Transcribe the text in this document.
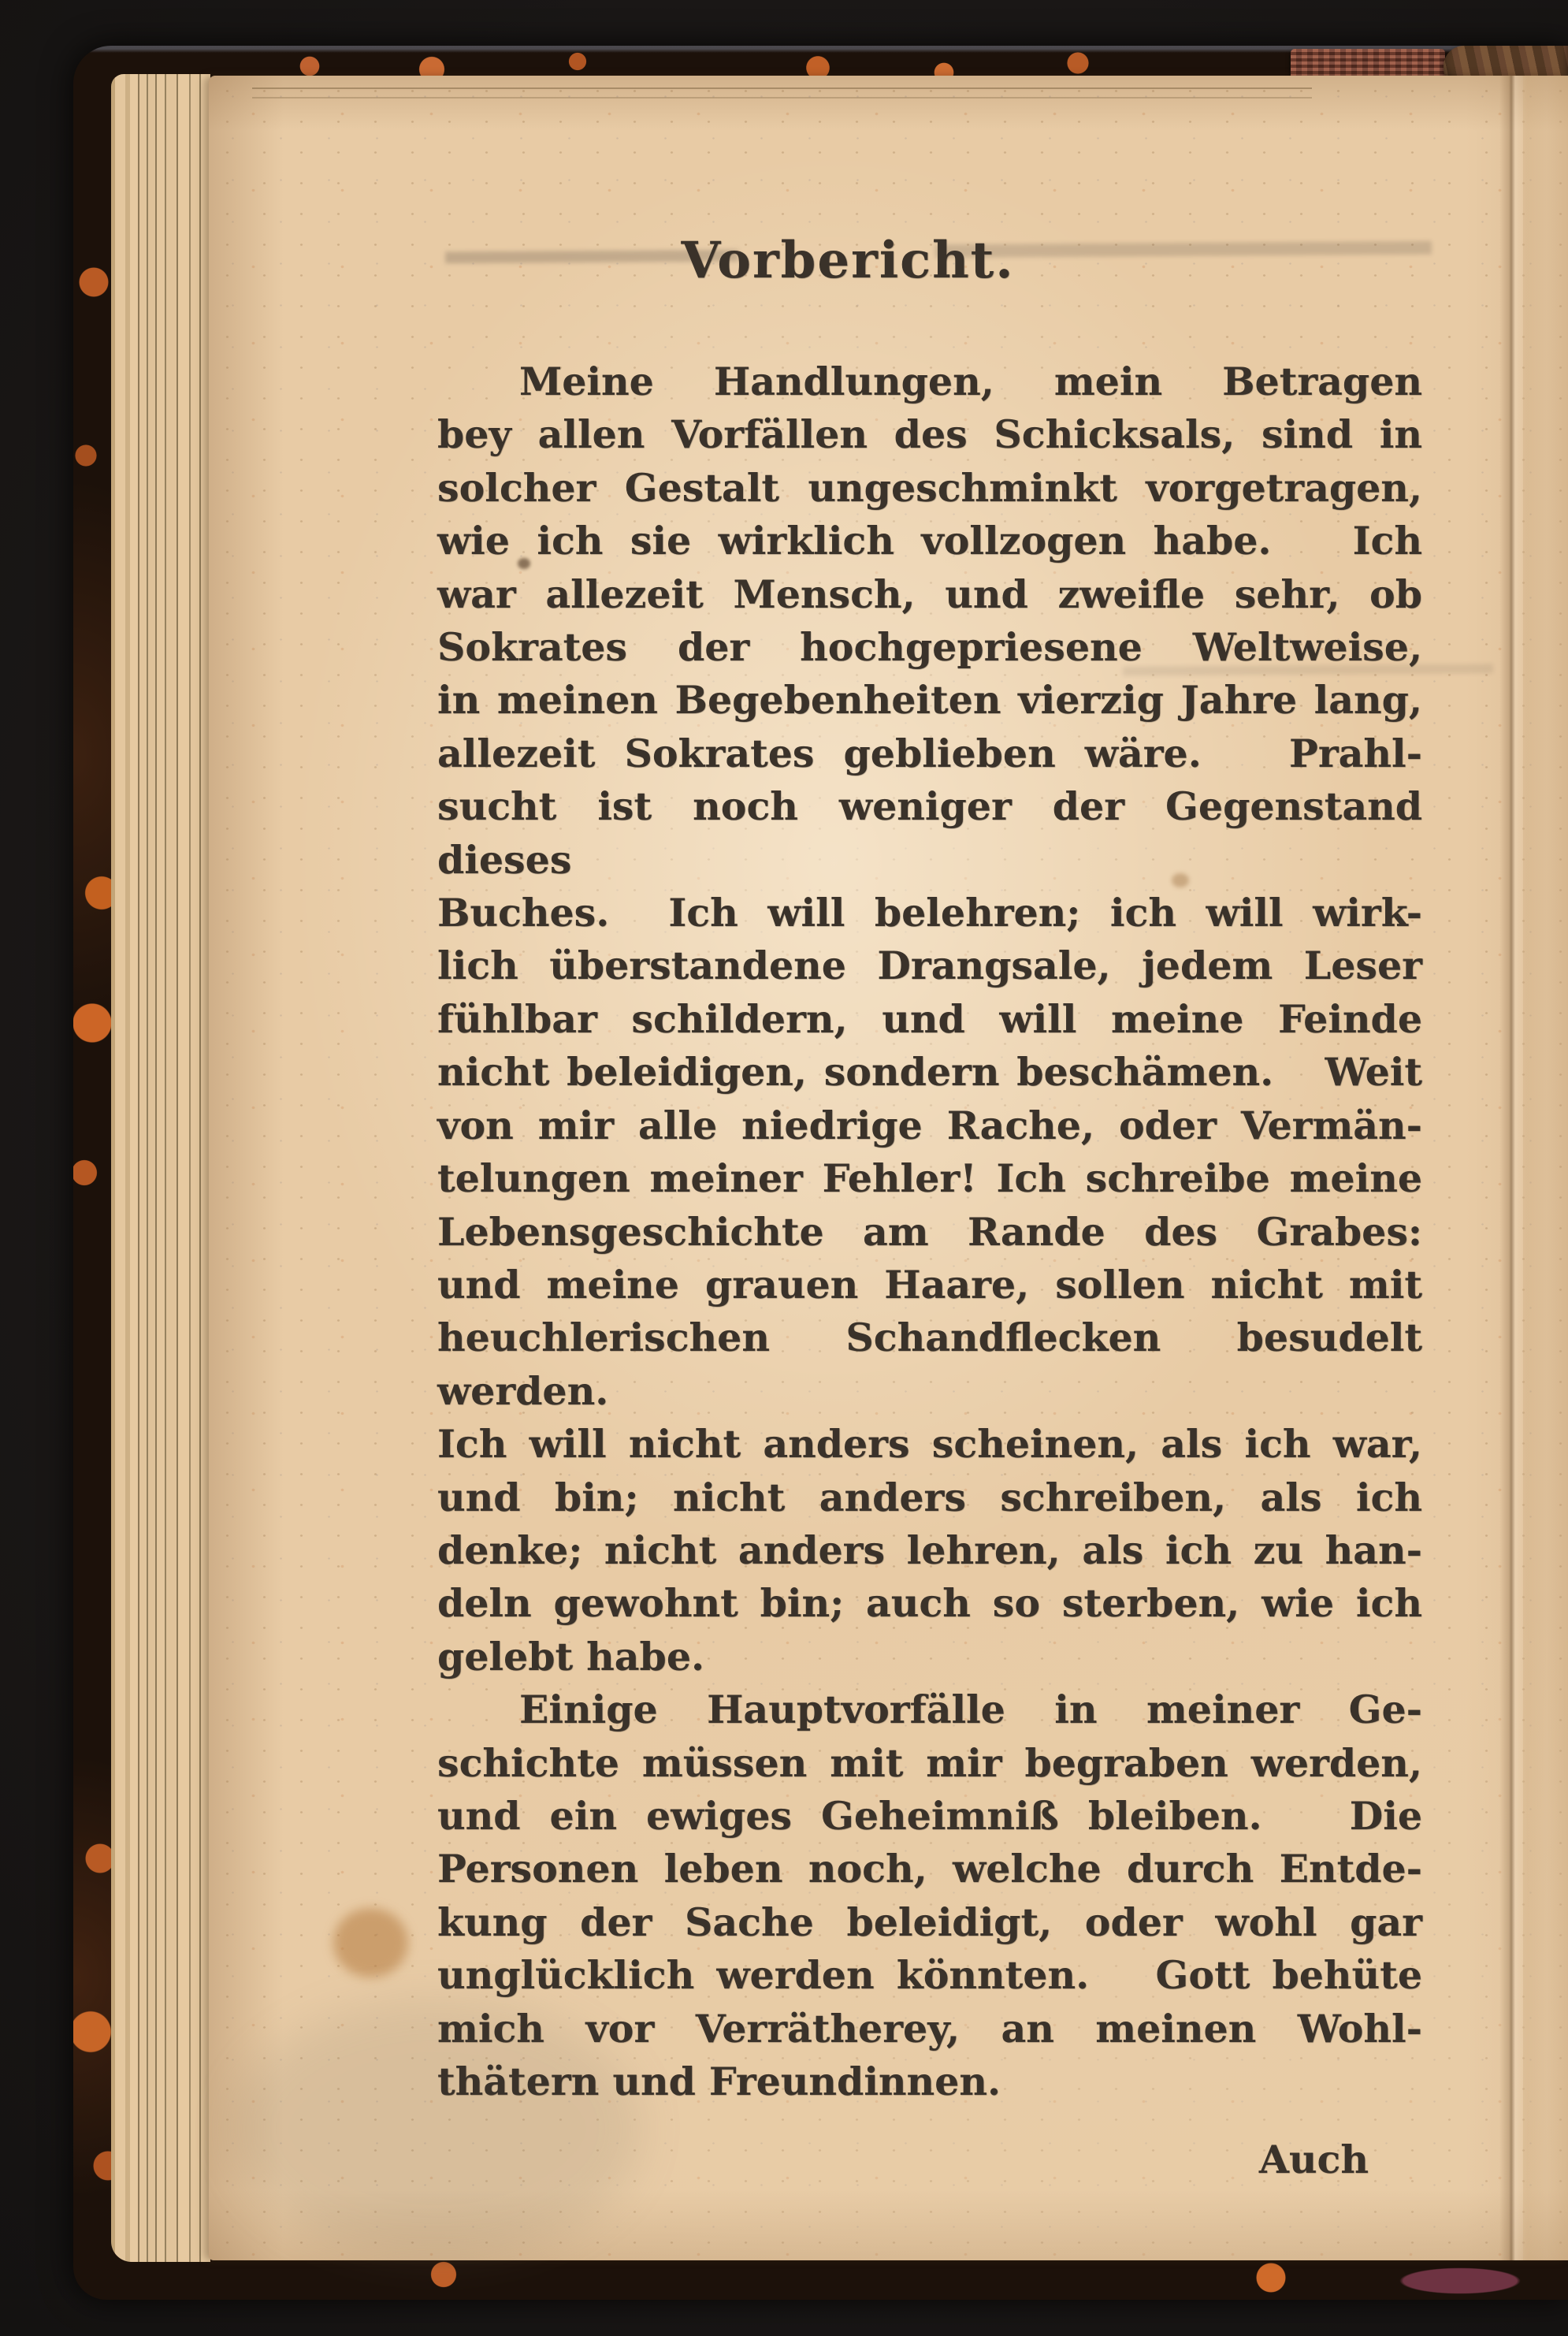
Vorbericht.
Meine Handlungen, mein Betragen
bey allen Vorfällen des Schicksals, sind in
solcher Gestalt ungeschminkt vorgetragen,
wie ich sie wirklich vollzogen habe.   Ich
war allezeit Mensch, und zweifle sehr, ob
Sokrates der hochgepriesene Weltweise,
in meinen Begebenheiten vierzig Jahre lang,
allezeit Sokrates geblieben wäre.   Prahl-
sucht ist noch weniger der Gegenstand dieses
Buches.  Ich will belehren; ich will wirk-
lich überstandene Drangsale, jedem Leser
fühlbar schildern, und will meine Feinde
nicht beleidigen, sondern beschämen.   Weit
von mir alle niedrige Rache, oder Vermän-
telungen meiner Fehler! Ich schreibe meine
Lebensgeschichte am Rande des Grabes:
und meine grauen Haare, sollen nicht mit
heuchlerischen Schandflecken besudelt werden.
Ich will nicht anders scheinen, als ich war,
und bin; nicht anders schreiben, als ich
denke; nicht anders lehren, als ich zu han-
deln gewohnt bin; auch so sterben, wie ich
gelebt habe.
Einige Hauptvorfälle in meiner Ge-
schichte müssen mit mir begraben werden,
und ein ewiges Geheimniß bleiben.   Die
Personen leben noch, welche durch Entde-
kung der Sache beleidigt, oder wohl gar
unglücklich werden könnten.   Gott behüte
mich vor Verrätherey, an meinen Wohl-
thätern und Freundinnen.
Auch
